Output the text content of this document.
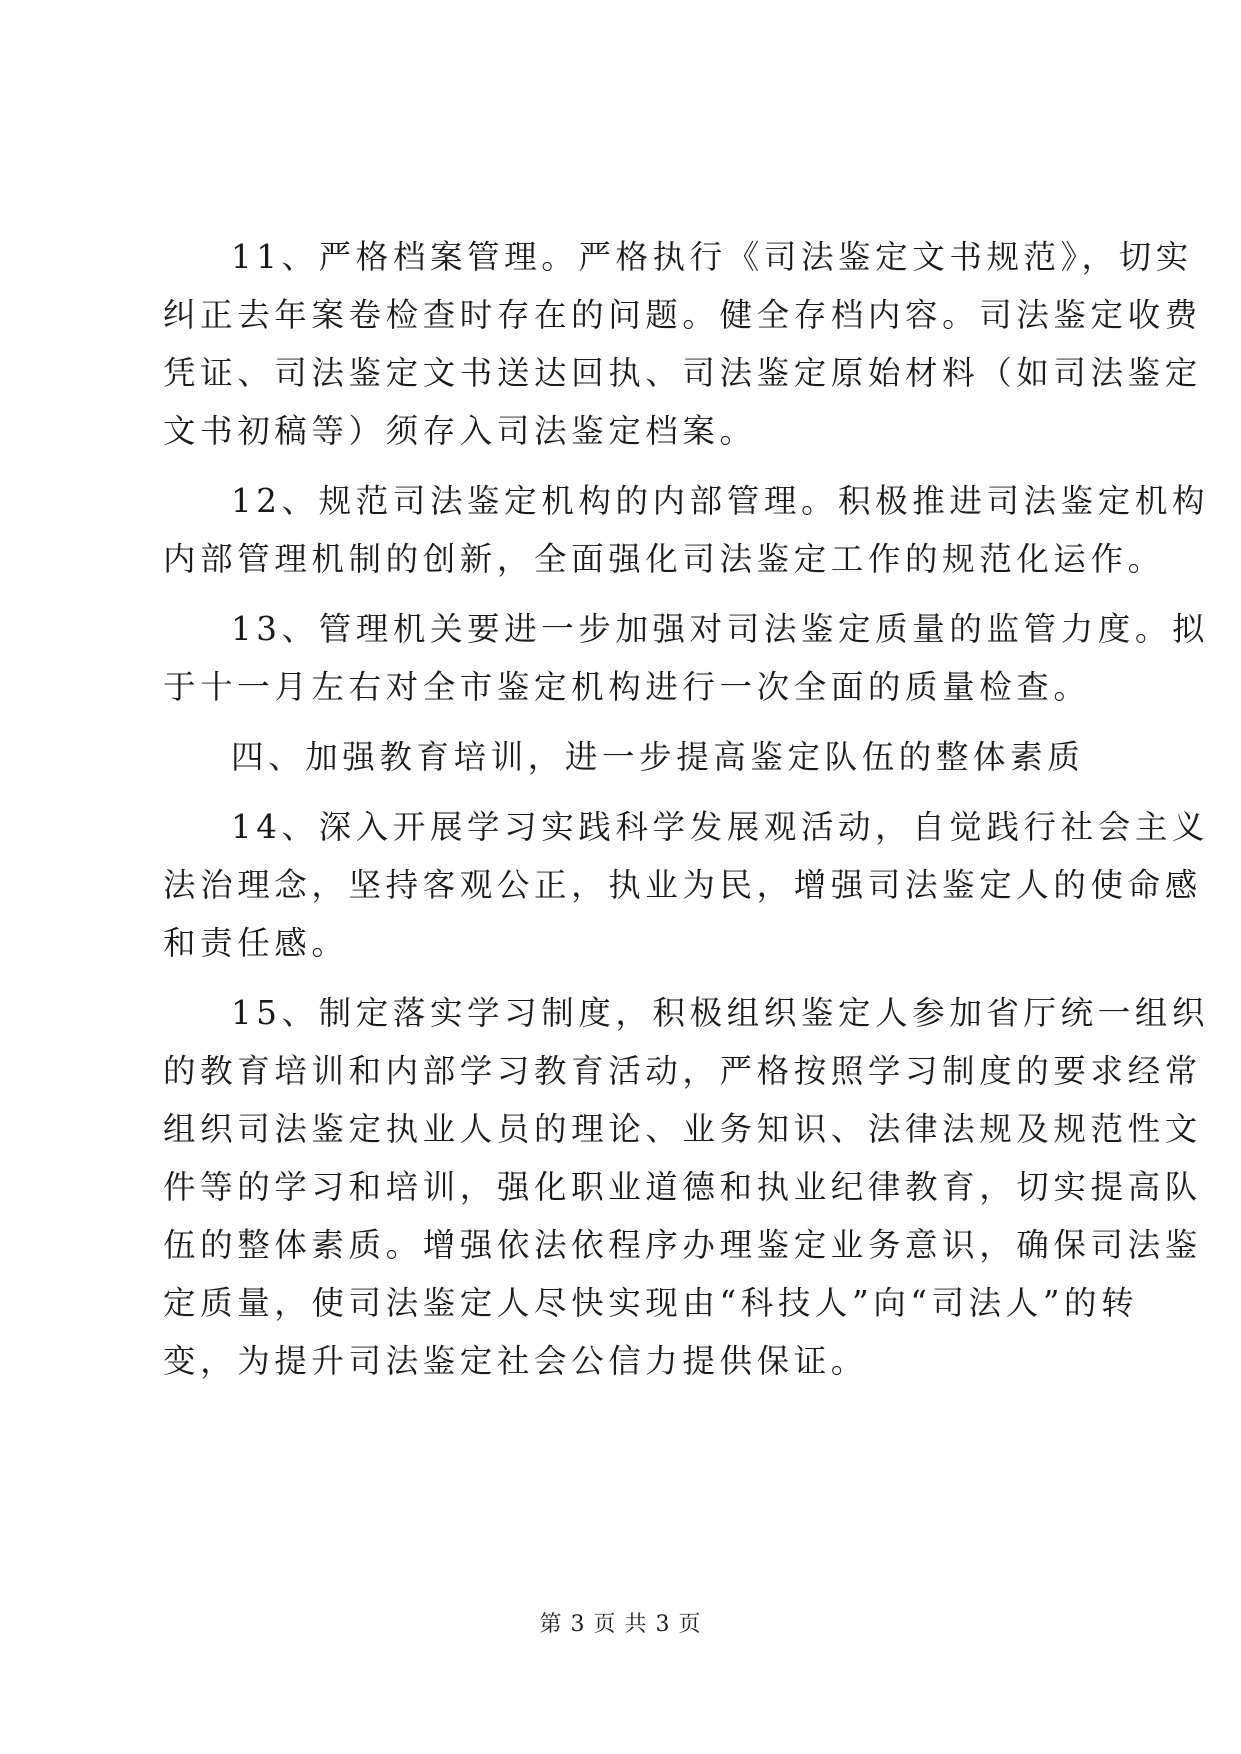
11、严格档案管理。严格执行《司法鉴定文书规范》，切实
纠正去年案卷检查时存在的问题。健全存档内容。司法鉴定收费
凭证、司法鉴定文书送达回执、司法鉴定原始材料（如司法鉴定
文书初稿等）须存入司法鉴定档案。
12、规范司法鉴定机构的内部管理。积极推进司法鉴定机构
内部管理机制的创新，全面强化司法鉴定工作的规范化运作。
13、管理机关要进一步加强对司法鉴定质量的监管力度。拟
于十一月左右对全市鉴定机构进行一次全面的质量检查。
四、加强教育培训，进一步提高鉴定队伍的整体素质
14、深入开展学习实践科学发展观活动，自觉践行社会主义
法治理念，坚持客观公正，执业为民，增强司法鉴定人的使命感
和责任感。
15、制定落实学习制度，积极组织鉴定人参加省厅统一组织
的教育培训和内部学习教育活动，严格按照学习制度的要求经常
组织司法鉴定执业人员的理论、业务知识、法律法规及规范性文
件等的学习和培训，强化职业道德和执业纪律教育，切实提高队
伍的整体素质。增强依法依程序办理鉴定业务意识，确保司法鉴
定质量，使司法鉴定人尽快实现由“科技人”向“司法人”的转
变，为提升司法鉴定社会公信力提供保证。
第 3 页 共 3 页
